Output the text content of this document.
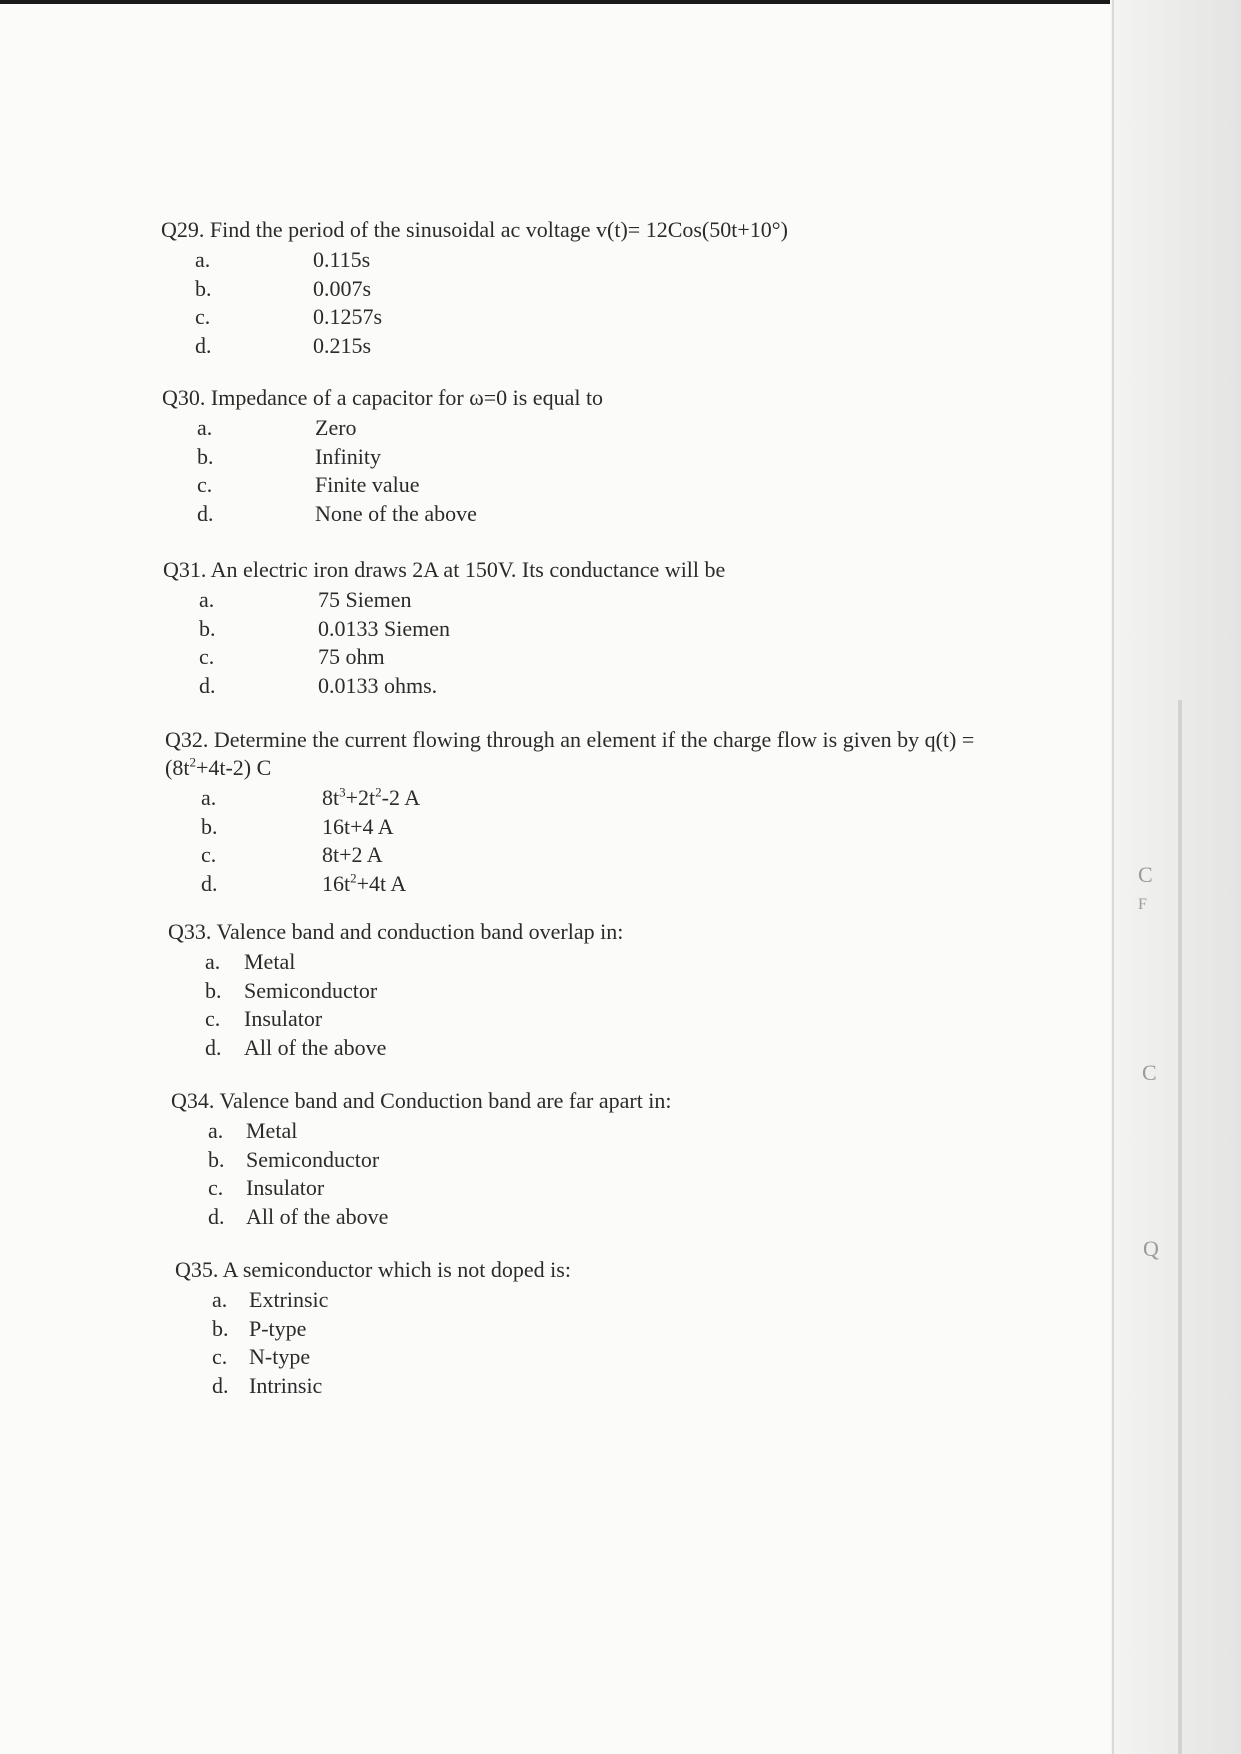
C
F
C
Q

Q29. Find the period of the sinusoidal ac voltage v(t)= 12Cos(50t+10°)

a.	0.115s
b.	0.007s
c.	0.1257s
d.	0.215s

Q30. Impedance of a capacitor for ω=0 is equal to

a.	Zero
b.	Infinity
c.	Finite value
d.	None of the above

Q31. An electric iron draws 2A at 150V. Its conductance will be

a.	75 Siemen
b.	0.0133 Siemen
c.	75 ohm
d.	0.0133 ohms.

Q32. Determine the current flowing through an element if the charge flow is given by q(t) =
$(8t^2+4t-2)$ C

a.	$8t^3+2t^2-2$ A
b.	16t+4 A
c.	8t+2 A
d.	$16t^2+4t$ A

Q33. Valence band and conduction band overlap in:

a.	Metal
b.	Semiconductor
c.	Insulator
d.	All of the above

Q34. Valence band and Conduction band are far apart in:

a.	Metal
b. Semiconductor
c.	Insulator
d. All of the above

Q35. A semiconductor which is not doped is:

a. Extrinsic
b. P-type
c. N-type
d. Intrinsic
